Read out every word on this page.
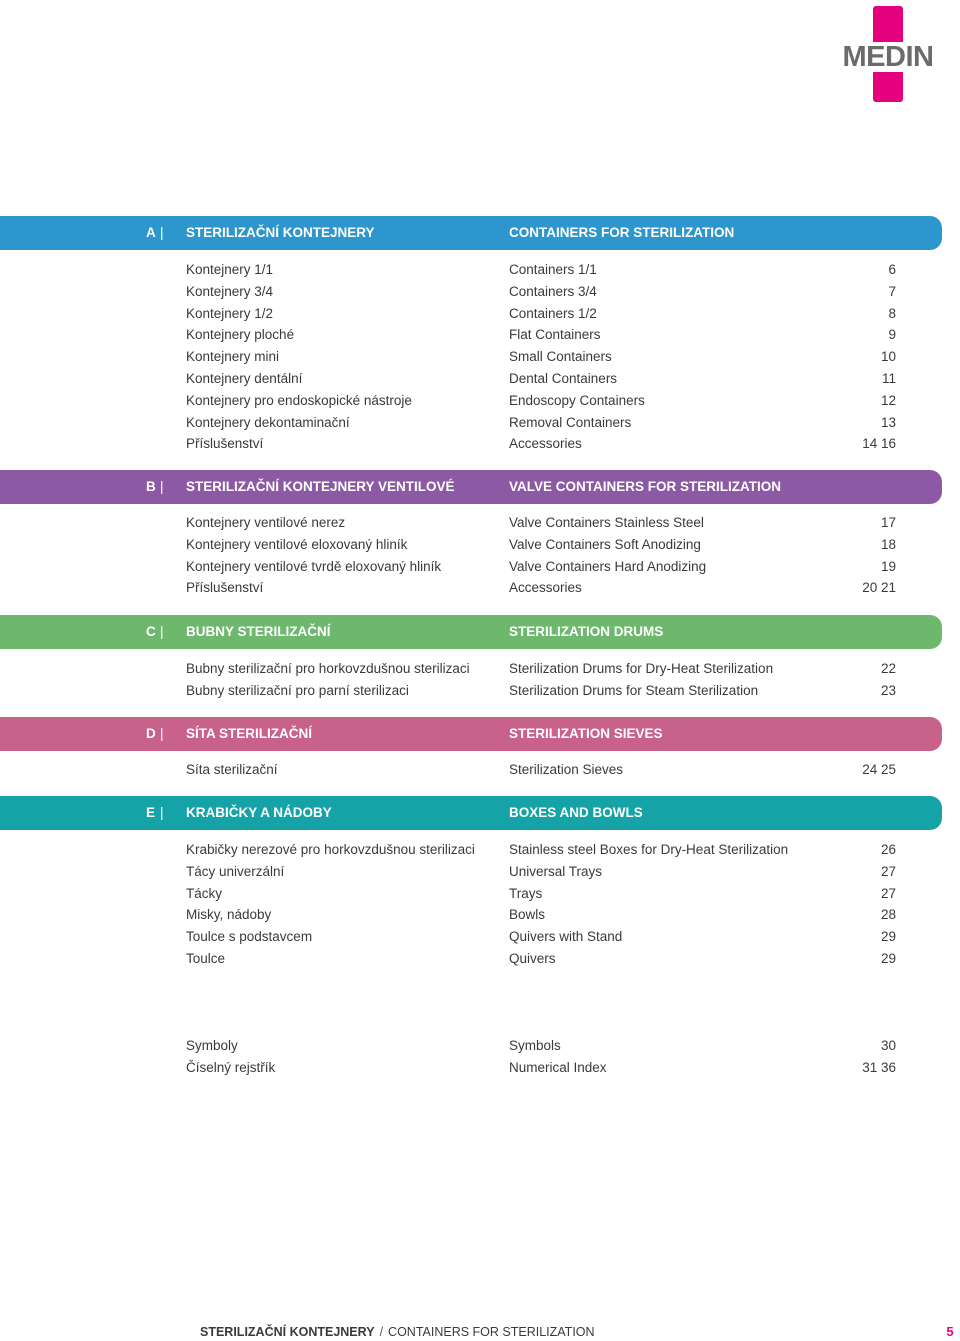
MEDIN
A | STERILIZAČNÍ KONTEJNERY	CONTAINERS FOR STERILIZATION
Kontejnery 1/1	Containers 1/1	6
Kontejnery 3/4	Containers 3/4	7
Kontejnery 1/2	Containers 1/2	8
Kontejnery ploché	Flat Containers	9
Kontejnery mini	Small Containers	10
Kontejnery dentální	Dental Containers	11
Kontejnery pro endoskopické nástroje	Endoscopy Containers	12
Kontejnery dekontaminační	Removal Containers	13
Příslušenství	Accessories	14 16
B | STERILIZAČNÍ KONTEJNERY VENTILOVÉ	VALVE CONTAINERS FOR STERILIZATION
Kontejnery ventilové nerez	Valve Containers Stainless Steel	17
Kontejnery ventilové eloxovaný hliník	Valve Containers Soft Anodizing	18
Kontejnery ventilové tvrdě eloxovaný hliník	Valve Containers Hard Anodizing	19
Příslušenství	Accessories	20 21
C | BUBNY STERILIZAČNÍ	STERILIZATION DRUMS
Bubny sterilizační pro horkovzdušnou sterilizaci	Sterilization Drums for Dry-Heat Sterilization	22
Bubny sterilizační pro parní sterilizaci	Sterilization Drums for Steam Sterilization	23
D | SÍTA STERILIZAČNÍ	STERILIZATION SIEVES
Síta sterilizační	Sterilization Sieves	24 25
E | KRABIČKY A NÁDOBY	BOXES AND BOWLS
Krabičky nerezové pro horkovzdušnou sterilizaci	Stainless steel Boxes for Dry-Heat Sterilization	26
Tácy univerzální	Universal Trays	27
Tácky	Trays	27
Misky, nádoby	Bowls	28
Toulce s podstavcem	Quivers with Stand	29
Toulce	Quivers	29
Symboly	Symbols	30
Číselný rejstřík	Numerical Index	31 36
STERILIZAČNÍ KONTEJNERY / CONTAINERS FOR STERILIZATION	5
